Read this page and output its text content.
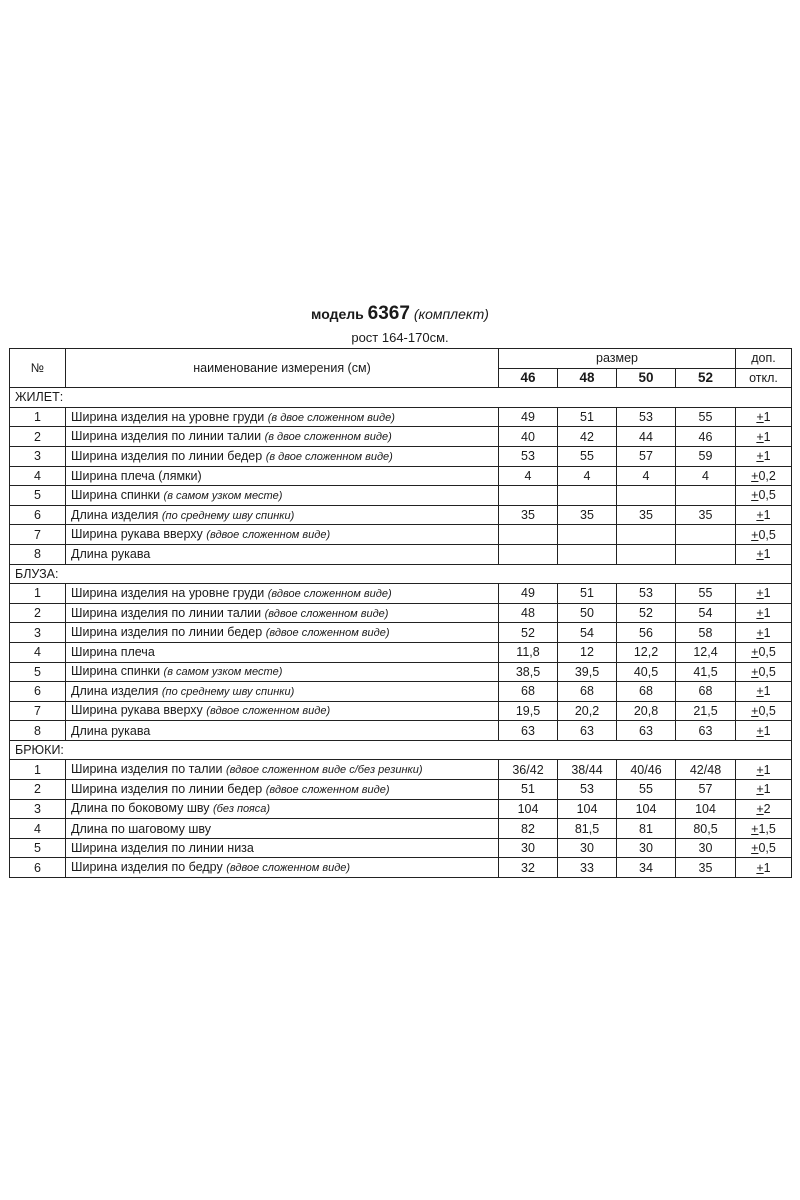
модель 6367 (комплект)
рост 164-170см.
№	наименование измерения (см)	размер				доп.
		46	48	50	52	откл.
ЖИЛЕТ:						
1	Ширина изделия на уровне груди (в двое сложенном виде)	49	51	53	55	+1
2	Ширина изделия по линии талии (в двое сложенном виде)	40	42	44	46	+1
3	Ширина изделия по линии бедер (в двое сложенном виде)	53	55	57	59	+1
4	Ширина плеча (лямки)	4	4	4	4	+0,2
5	Ширина спинки (в самом узком месте)					+0,5
6	Длина изделия (по среднему шву спинки)	35	35	35	35	+1
7	Ширина рукава вверху (вдвое сложенном виде)					+0,5
8	Длина рукава					+1
БЛУЗА:						
1	Ширина изделия на уровне груди (вдвое сложенном виде)	49	51	53	55	+1
2	Ширина изделия по линии талии (вдвое сложенном виде)	48	50	52	54	+1
3	Ширина изделия по линии бедер (вдвое сложенном виде)	52	54	56	58	+1
4	Ширина плеча	11,8	12	12,2	12,4	+0,5
5	Ширина спинки (в самом узком месте)	38,5	39,5	40,5	41,5	+0,5
6	Длина изделия (по среднему шву спинки)	68	68	68	68	+1
7	Ширина рукава вверху (вдвое сложенном виде)	19,5	20,2	20,8	21,5	+0,5
8	Длина рукава	63	63	63	63	+1
БРЮКИ:						
1	Ширина изделия по талии (вдвое сложенном виде с/без резинки)	36/42	38/44	40/46	42/48	+1
2	Ширина изделия по линии бедер (вдвое сложенном виде)	51	53	55	57	+1
3	Длина по боковому шву (без пояса)	104	104	104	104	+2
4	Длина по шаговому шву	82	81,5	81	80,5	+1,5
5	Ширина изделия по линии низа	30	30	30	30	+0,5
6	Ширина изделия по бедру (вдвое сложенном виде)	32	33	34	35	+1
